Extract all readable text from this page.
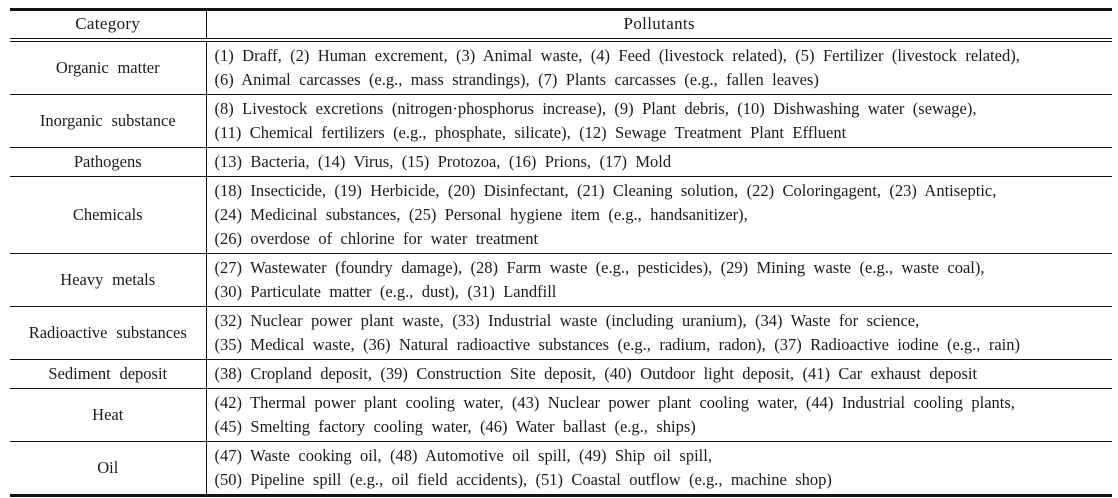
Category	Pollutants
Organic matter	(1) Draff, (2) Human excrement, (3) Animal waste, (4) Feed (livestock related), (5) Fertilizer (livestock related),
(6) Animal carcasses (e.g., mass strandings), (7) Plants carcasses (e.g., fallen leaves)

Inorganic substance	(8) Livestock excretions (nitrogen·phosphorus increase), (9) Plant debris, (10) Dishwashing water (sewage),
(11) Chemical fertilizers (e.g., phosphate, silicate), (12) Sewage Treatment Plant Effluent

Pathogens	(13) Bacteria, (14) Virus, (15) Protozoa, (16) Prions, (17) Mold

Chemicals	(18) Insecticide, (19) Herbicide, (20) Disinfectant, (21) Cleaning solution, (22) Coloringagent, (23) Antiseptic,
(24) Medicinal substances, (25) Personal hygiene item (e.g., handsanitizer),
(26) overdose of chlorine for water treatment

Heavy metals	(27) Wastewater (foundry damage), (28) Farm waste (e.g., pesticides), (29) Mining waste (e.g., waste coal),
(30) Particulate matter (e.g., dust), (31) Landfill

Radioactive substances	(32) Nuclear power plant waste, (33) Industrial waste (including uranium), (34) Waste for science,
(35) Medical waste, (36) Natural radioactive substances (e.g., radium, radon), (37) Radioactive iodine (e.g., rain)

Sediment deposit	(38) Cropland deposit, (39) Construction Site deposit, (40) Outdoor light deposit, (41) Car exhaust deposit

Heat	(42) Thermal power plant cooling water, (43) Nuclear power plant cooling water, (44) Industrial cooling plants,
(45) Smelting factory cooling water, (46) Water ballast (e.g., ships)

Oil	(47) Waste cooking oil, (48) Automotive oil spill, (49) Ship oil spill,
(50) Pipeline spill (e.g., oil field accidents), (51) Coastal outflow (e.g., machine shop)
